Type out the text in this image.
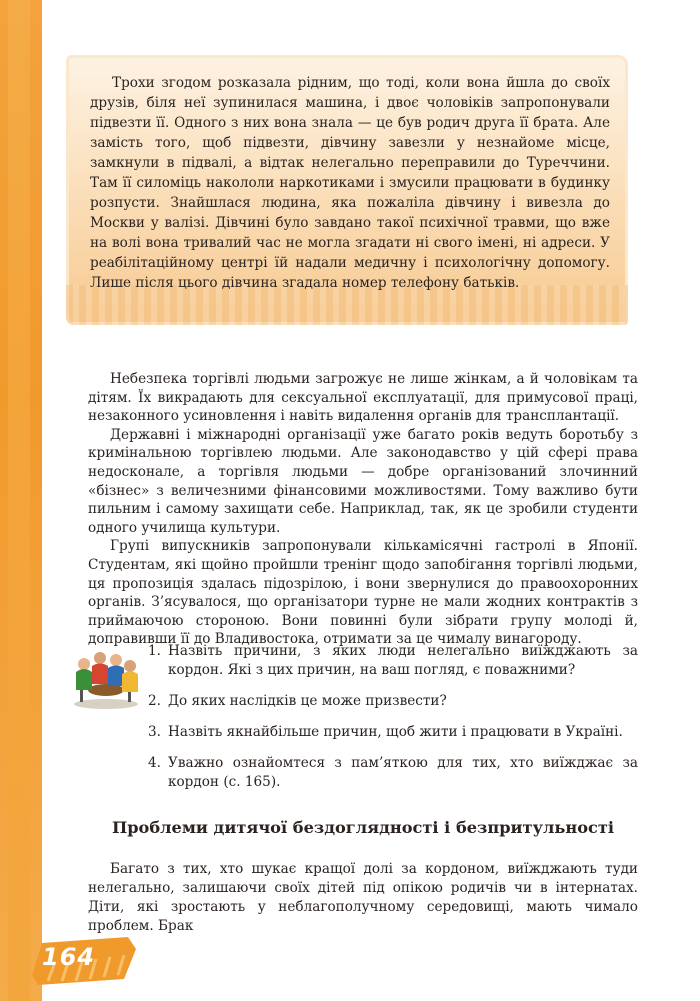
Трохи згодом розказала рідним, що тоді, коли вона йшла до своїх друзів, біля неї зупинилася машина, і двоє чоловіків запропонували підвезти її. Одного з них вона знала — це був родич друга її брата. Але замість того, щоб підвезти, дівчину завезли у незнайоме місце, замкнули в підвалі, а відтак нелегально переправили до Туреччини. Там її силоміць накололи наркотиками і змусили працювати в будинку розпусти. Знайшлася людина, яка пожаліла дівчину і вивезла до Москви у валізі. Дівчині було завдано такої психічної травми, що вже на волі вона тривалий час не могла згадати ні свого імені, ні адреси. У реабілітаційному центрі їй надали медичну і психологічну допомогу. Лише після цього дівчина згадала номер телефону батьків.

Небезпека торгівлі людьми загрожує не лише жінкам, а й чоловікам та дітям. Їх викрадають для сексуальної експлуатації, для примусової праці, незаконного усиновлення і навіть видалення органів для трансплантації.

Державні і міжнародні організації уже багато років ведуть боротьбу з кримінальною торгівлею людьми. Але законодавство у цій сфері права недосконале, а торгівля людьми — добре організований злочинний «бізнес» з величезними фінансовими можливостями. Тому важливо бути пильним і самому захищати себе. Наприклад, так, як це зробили студенти одного училища культури.

Групі випускників запропонували кількамісячні гастролі в Японії. Студентам, які щойно пройшли тренінг щодо запобігання торгівлі людьми, ця пропозиція здалась підозрілою, і вони звернулися до правоохоронних органів. З’ясувалося, що організатори турне не мали жодних контрактів з приймаючою стороною. Вони повинні були зібрати групу молоді й, доправивши її до Владивостока, отримати за це чималу винагороду.

1. Назвіть причини, з яких люди нелегально виїжджають за кордон. Які з цих причин, на ваш погляд, є поважними?
2. До яких наслідків це може призвести?
3. Назвіть якнайбільше причин, щоб жити і працювати в Україні.
4. Уважно ознайомтеся з пам’яткою для тих, хто виїжджає за кордон (с. 165).
Проблеми дитячої бездоглядності і безпритульності

Багато з тих, хто шукає кращої долі за кордоном, виїжджають туди нелегально, залишаючи своїх дітей під опікою родичів чи в інтернатах. Діти, які зростають у неблагополучному середовищі, мають чимало проблем. Брак

164
